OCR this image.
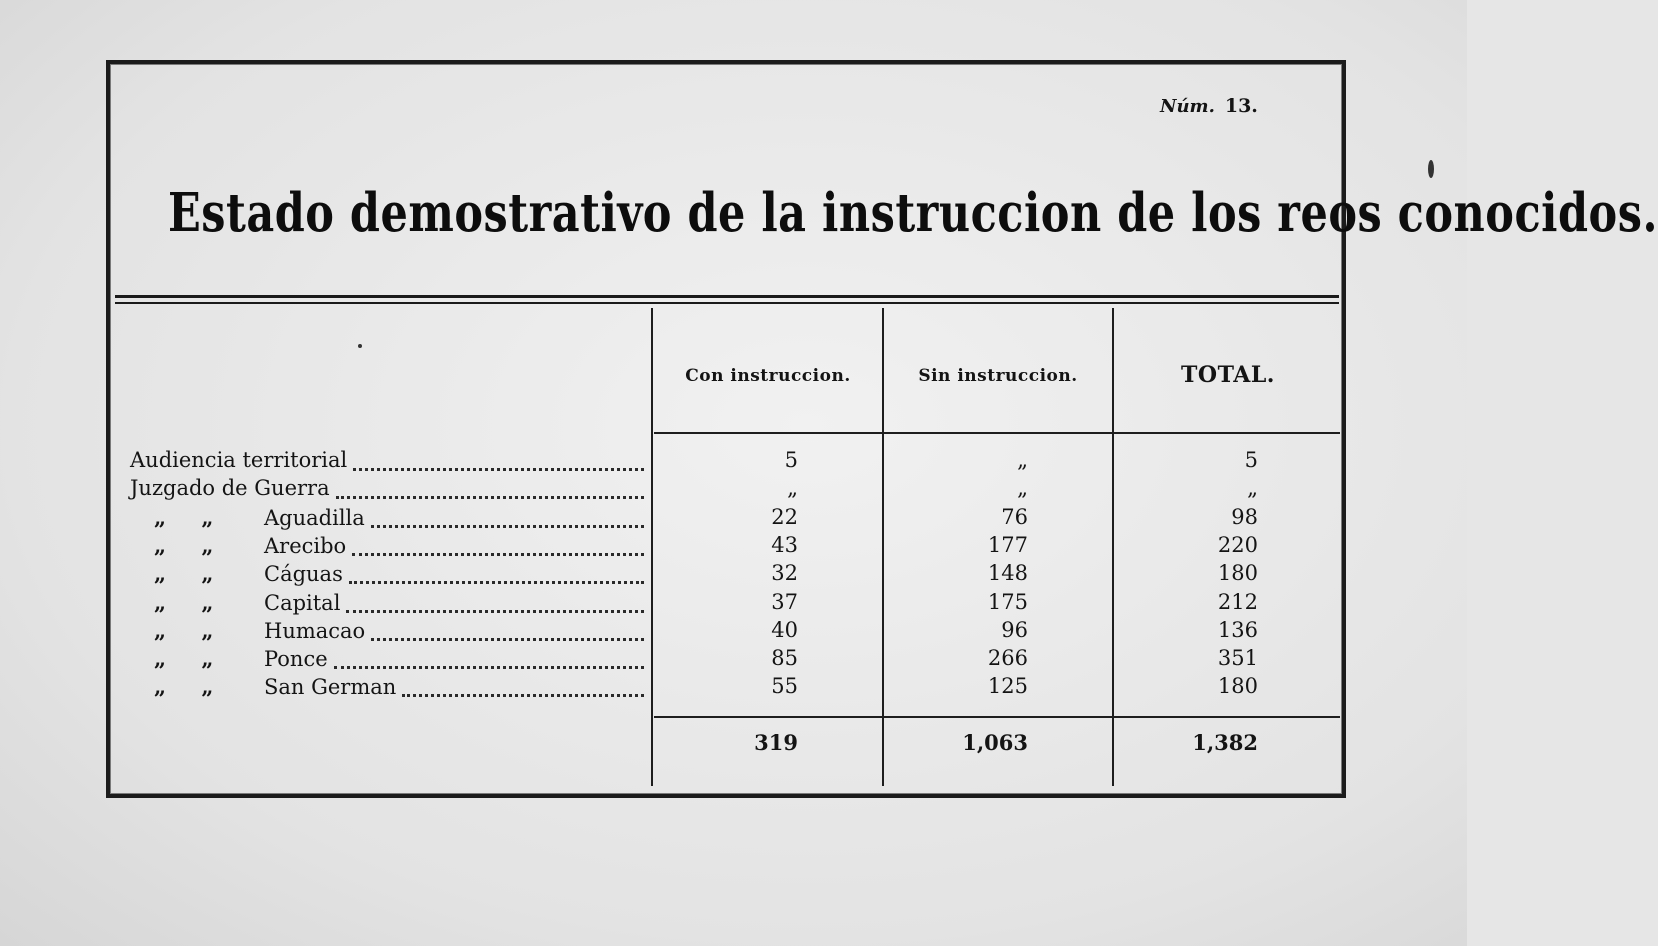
Núm. 13.
Estado demostrativo de la instruccion de los reos conocidos.
Con instruccion.	Sin instruccion.	TOTAL.
Audiencia territorial	5	„	5
Juzgado de Guerra	„	„	„
„ „ Aguadilla	22	76	98
„ „ Arecibo	43	177	220
„ „ Cáguas	32	148	180
„ „ Capital	37	175	212
„ „ Humacao	40	96	136
„ „ Ponce	85	266	351
„ „ San German	55	125	180
319	1,063	1,382
